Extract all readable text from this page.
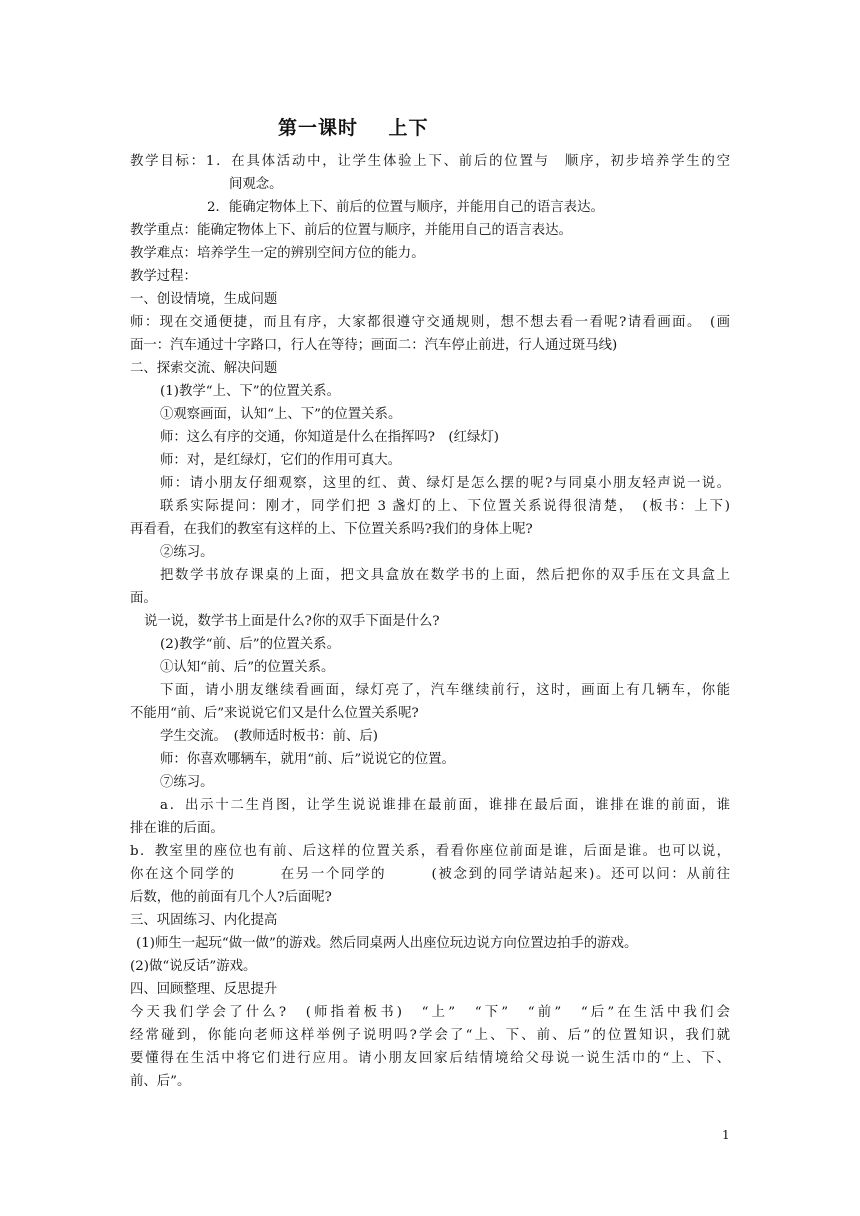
第一课时    上下
教学目标：1．在具体活动中，让学生体验上下、前后的位置与　顺序，初步培养学生的空
间观念。
2．能确定物体上下、前后的位置与顺序，并能用自己的语言表达。
教学重点：能确定物体上下、前后的位置与顺序，并能用自己的语言表达。
教学难点：培养学生一定的辨别空间方位的能力。
教学过程：
一、创设情境，生成问题
师：现在交通便捷，而且有序，大家都很遵守交通规则，想不想去看一看呢?请看画面。　(画
面一：汽车通过十字路口，行人在等待；画面二：汽车停止前进，行人通过斑马线)
二、探索交流、解决问题
(1)教学“上、下”的位置关系。
①观察画面，认知“上、下”的位置关系。
师：这么有序的交通，你知道是什么在指挥吗?　(红绿灯)
师：对，是红绿灯，它们的作用可真大。
师：请小朋友仔细观察，这里的红、黄、绿灯是怎么摆的呢?与同桌小朋友轻声说一说。
联系实际提问：刚才，同学们把 3 盏灯的上、下位置关系说得很清楚，　(板书：上下)
再看看，在我们的教室有这样的上、下位置关系吗?我们的身体上呢?
②练习。
把数学书放存课桌的上面，把文具盒放在数学书的上面，然后把你的双手压在文具盒上
面。
说一说，数学书上面是什么?你的双手下面是什么?
(2)教学“前、后”的位置关系。
①认知“前、后”的位置关系。
下面，请小朋友继续看画面，绿灯亮了，汽车继续前行，这时，画面上有几辆车，你能
不能用“前、后”来说说它们又是什么位置关系呢?
学生交流。　(教师适时板书：前、后)
师：你喜欢哪辆车，就用“前、后”说说它的位置。
⑦练习。
a．出示十二生肖图，让学生说说谁排在最前面，谁排在最后面，谁排在谁的前面，谁
排在谁的后面。
b．教室里的座位也有前、后这样的位置关系，看看你座位前面是谁，后面是谁。也可以说，
你在这个同学的　　　在另一个同学的　　　(被念到的同学请站起来)。还可以问：从前往
后数，他的前面有几个人?后面呢?
三、巩固练习、内化提高
(1)师生一起玩“做一做”的游戏。然后同桌两人出座位玩边说方向位置边拍手的游戏。
(2)做“说反话”游戏。
四、回顾整理、反思提升
今天我们学会了什么?　(师指着板书)　“上”　“下”　“前”　“后”在生活中我们会
经常碰到，你能向老师这样举例子说明吗?学会了“上、下、前、后”的位置知识，我们就
要懂得在生活中将它们进行应用。请小朋友回家后结情境给父母说一说生活巾的“上、下、
前、后”。
1
